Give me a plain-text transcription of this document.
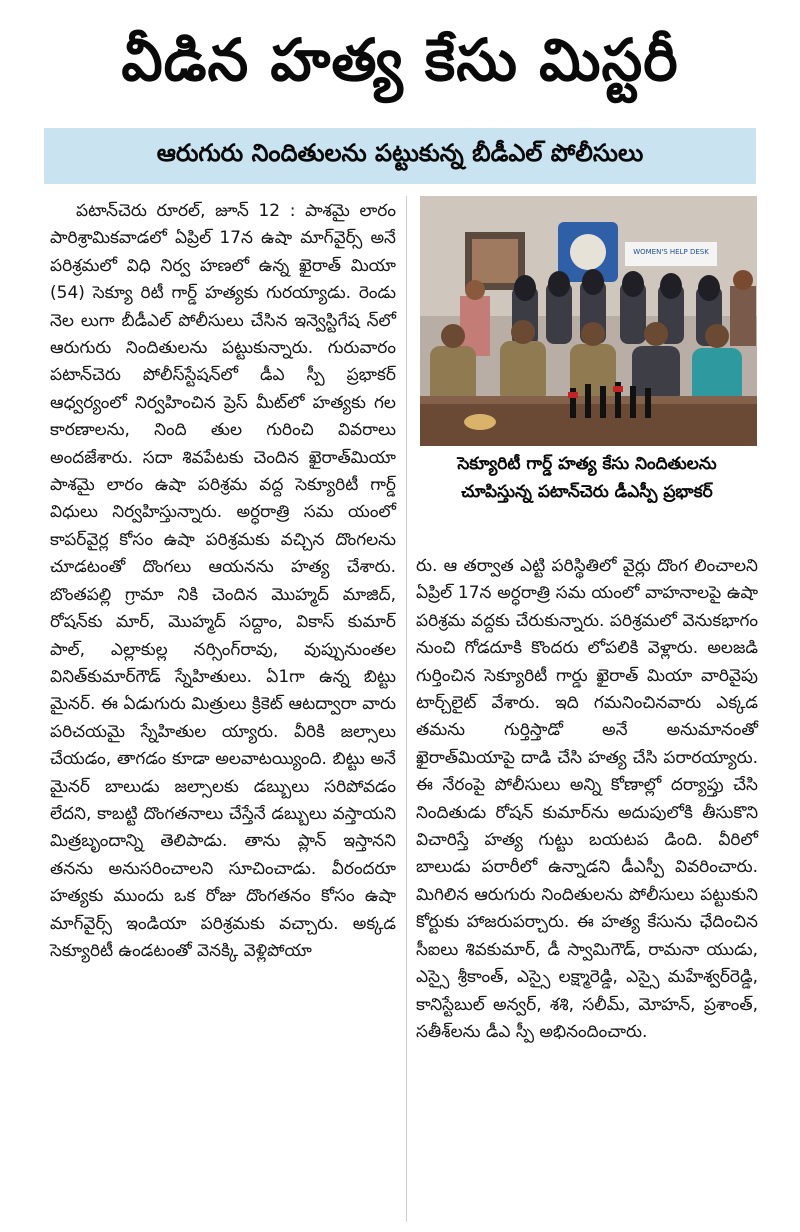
వీడిన హత్య కేసు మిస్టరీ
ఆరుగురు నిందితులను పట్టుకున్న బీడీఎల్ పోలీసులు

పటాన్‌చెరు రూరల్, జూన్ 12 : పాశమై లారం పారిశ్రామికవాడలో ఏప్రిల్ 17న ఉషా మాగ్‌వైర్స్ అనే పరిశ్రమలో విధి నిర్వ హణలో ఉన్న ఖైరాత్ మియా (54) సెక్యూ రిటీ గార్డ్ హత్యకు గురయ్యాడు. రెండు నెల లుగా బీడీఎల్ పోలీసులు చేసిన ఇన్వెస్టిగేష న్‌లో ఆరుగురు నిందితులను పట్టుకున్నారు. గురువారం పటాన్‌చెరు పోలీస్‌స్టేషన్‌లో డీఎ స్పీ ప్రభాకర్ ఆధ్వర్యంలో నిర్వహించిన ప్రెస్ మీట్‌లో హత్యకు గల కారణాలను, నింది తుల గురించి వివరాలు అందజేశారు. సదా శివపేటకు చెందిన ఖైరాత్‌మియా పాశమై లారం ఉషా పరిశ్రమ వద్ద సెక్యూరిటీ గార్డ్ విధులు నిర్వహిస్తున్నారు. అర్ధరాత్రి సమ యంలో కాపర్‌వైర్ల కోసం ఉషా పరిశ్రమకు వచ్చిన దొంగలను చూడటంతో దొంగలు ఆయనను హత్య చేశారు. బొంతపల్లి గ్రామా నికి చెందిన మొహ్మద్ మాజిద్, రోషన్‌కు మార్, మొహ్మద్ సద్దాం, వికాస్ కుమార్ పాల్, ఎల్లాకుల్ల నర్సింగ్‌రావు, వుప్పునుంతల వినిత్‌కుమార్‌గౌడ్ స్నేహితులు. ఏ1గా ఉన్న బిట్టు మైనర్. ఈ ఏడుగురు మిత్రులు క్రికెట్ ఆటద్వారా వారు పరిచయమై స్నేహితుల య్యారు. వీరికి జల్సాలు చేయడం, తాగడం కూడా అలవాటయ్యింది. బిట్టు అనే మైనర్ బాలుడు జల్సాలకు డబ్బులు సరిపోవడం లేదని, కాబట్టి దొంగతనాలు చేస్తేనే డబ్బులు వస్తాయని మిత్రబృందాన్ని తెలిపాడు. తాను ప్లాన్ ఇస్తానని తనను అనుసరించాలని సూచించాడు. వీరందరూ హత్యకు ముందు ఒక రోజు దొంగతనం కోసం ఉషా మాగ్‌వైర్స్ ఇండియా పరిశ్రమకు వచ్చారు. అక్కడ సెక్యూరిటీ ఉండటంతో వెనక్కి వెళ్లిపోయా

WOMEN'S HELP DESK
సెక్యూరిటీ గార్డ్ హత్య కేసు నిందితులను
చూపిస్తున్న పటాన్‌చెరు డీఎస్పీ ప్రభాకర్

రు. ఆ తర్వాత ఎట్టి పరిస్థితిలో వైర్లు దొంగ లించాలని ఏప్రిల్ 17న అర్ధరాత్రి సమ యంలో వాహనాలపై ఉషా పరిశ్రమ వద్దకు చేరుకున్నారు. పరిశ్రమలో వెనుకభాగం నుంచి గోడదూకి కొందరు లోపలికి వెళ్లారు. అలజడి గుర్తించిన సెక్యూరిటీ గార్డు ఖైరాత్ మియా వారివైపు టార్చ్‌లైట్ వేశారు. ఇది గమనించినవారు ఎక్కడ తమను గుర్తిస్తాడో అనే అనుమానంతో ఖైరాత్‌మియాపై దాడి చేసి హత్య చేసి పరారయ్యారు. ఈ నేరంపై పోలీసులు అన్ని కోణాల్లో దర్యాప్తు చేసి నిందితుడు రోషన్ కుమార్‌ను అదుపులోకి తీసుకొని విచారిస్తే హత్య గుట్టు బయటప డింది. వీరిలో బాలుడు పరారీలో ఉన్నాడని డీఎస్పీ వివరించారు. మిగిలిన ఆరుగురు నిందితులను పోలీసులు పట్టుకుని కోర్టుకు హాజరుపర్చారు. ఈ హత్య కేసును ఛేదించిన సీఐలు శివకుమార్, డీ స్వామిగౌడ్, రామనా యుడు, ఎస్సై శ్రీకాంత్, ఎస్సై లక్ష్మారెడ్డి, ఎస్సై మహేశ్వర్‌రెడ్డి, కానిస్టేబుల్ అన్వర్, శశి, సలీమ్, మోహన్, ప్రశాంత్, సతీశ్‌లను డీఎ స్పీ అభినందించారు.
